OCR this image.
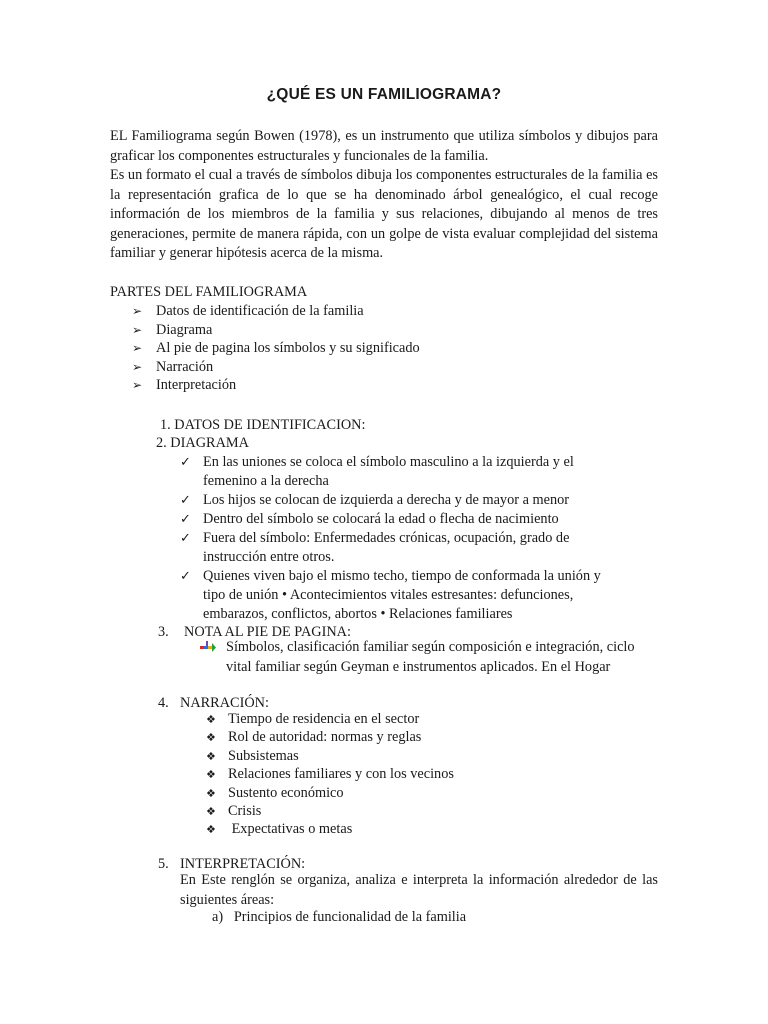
¿QUÉ ES UN FAMILIOGRAMA?

EL Familiograma según Bowen (1978), es un instrumento que utiliza símbolos y dibujos para graficar los componentes estructurales y funcionales de la familia.

Es un formato el cual a través de símbolos dibuja los componentes estructurales de la familia es la representación grafica de lo que se ha denominado árbol genealógico, el cual recoge información de los miembros de la familia y sus relaciones, dibujando al menos de tres generaciones, permite de manera rápida, con un golpe de vista evaluar complejidad del sistema familiar y generar hipótesis acerca de la misma.

PARTES DEL FAMILIOGRAMA

➢ Datos de identificación de la familia
➢ Diagrama
➢ Al pie de pagina los símbolos y su significado
➢ Narración
➢ Interpretación

1. DATOS DE IDENTIFICACION:

2. DIAGRAMA

✓ En las uniones se coloca el símbolo masculino a la izquierda y el femenino a la derecha
✓ Los hijos se colocan de izquierda a derecha y de mayor a menor
✓ Dentro del símbolo se colocará la edad o flecha de nacimiento
✓ Fuera del símbolo: Enfermedades crónicas, ocupación, grado de instrucción entre otros.
✓ Quienes viven bajo el mismo techo, tiempo de conformada la unión y tipo de unión • Acontecimientos vitales estresantes: defunciones, embarazos, conflictos, abortos • Relaciones familiares

3. NOTA AL PIE DE PAGINA:

Símbolos, clasificación familiar según composición e integración, ciclo vital familiar según Geyman e instrumentos aplicados. En el Hogar

4. NARRACIÓN:

❖ Tiempo de residencia en el sector
❖ Rol de autoridad: normas y reglas
❖ Subsistemas
❖ Relaciones familiares y con los vecinos
❖ Sustento económico
❖ Crisis
❖ Expectativas o metas

5. INTERPRETACIÓN:

En Este renglón se organiza, analiza e interpreta la información alrededor de las siguientes áreas:

a) Principios de funcionalidad de la familia
